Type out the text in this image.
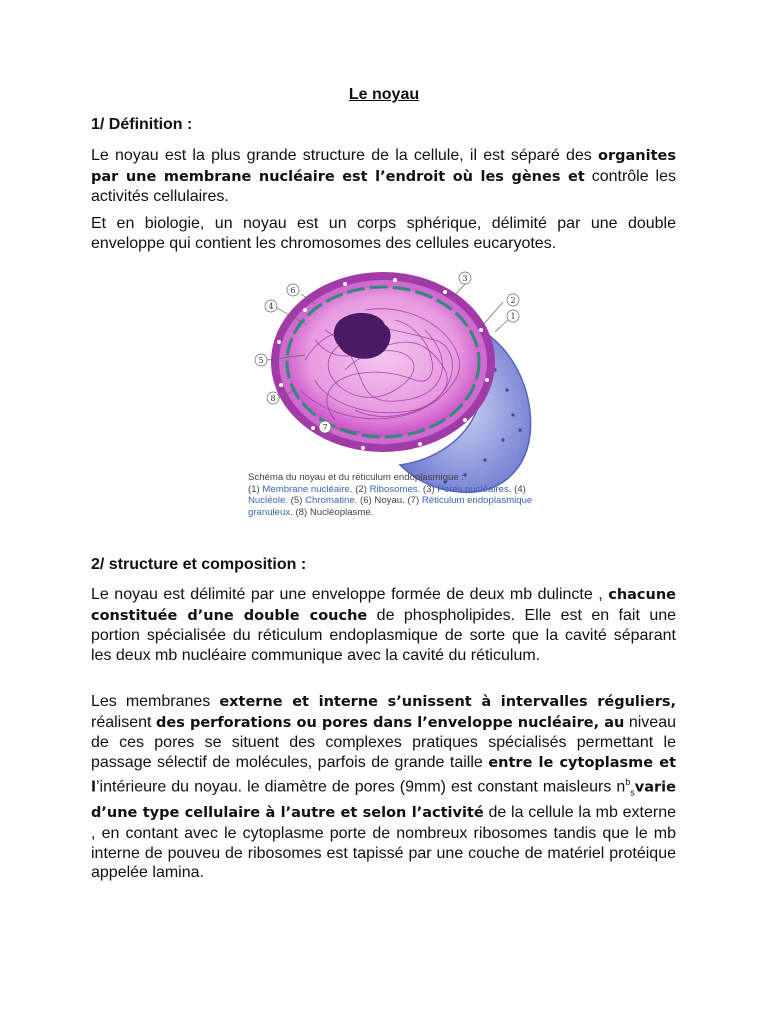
Le noyau
1/ Définition :
Le noyau est la plus grande structure de la cellule, il est séparé des organites par une membrane nucléaire est l’endroit où les gènes et contrôle les activités cellulaires.
Et en biologie, un noyau est un corps sphérique, délimité par une double enveloppe qui contient les chromosomes des cellules eucaryotes.
6
4
5
8
7
3
2
1
Schéma du noyau et du réticulum endoplasmique :
(1) Membrane nucléaire. (2) Ribosomes. (3) Pores nucléaires. (4) Nucléole. (5) Chromatine. (6) Noyau. (7) Réticulum endoplasmique granuleux. (8) Nucléoplasme.
2/ structure et composition :
Le noyau est délimité par une enveloppe formée de deux mb dulincte , chacune constituée d’une double couche de phospholipides. Elle est en fait une portion spécialisée du réticulum endoplasmique de sorte que la cavité séparant les deux mb nucléaire communique avec la cavité du réticulum.
Les membranes externe et interne s’unissent à intervalles réguliers, réalisent des perforations ou pores dans l’enveloppe nucléaire, au niveau de ces pores se situent des complexes pratiques spécialisés permettant le passage sélectif de molécules, parfois de grande taille entre le cytoplasme et l’intérieure du noyau. le diamètre de pores (9mm) est constant maisleurs $n^b_svarie$ d’une type cellulaire à l’autre et selon l’activité de la cellule la mb externe , en contant avec le cytoplasme porte de nombreux ribosomes tandis que le mb interne de pouveu de ribosomes est tapissé par une couche de matériel protéique appelée lamina.
